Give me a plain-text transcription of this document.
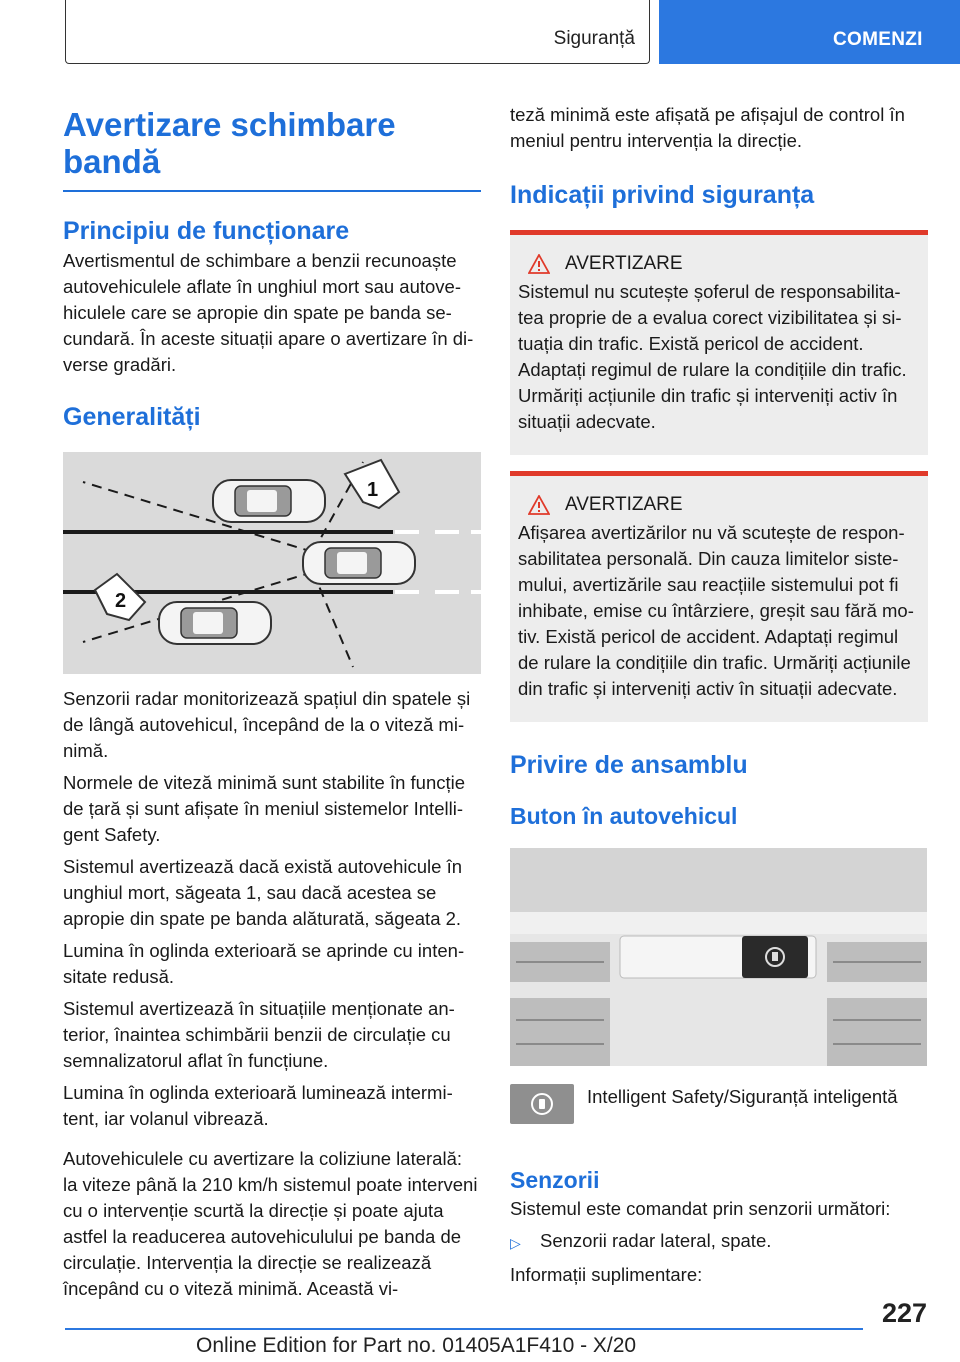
Siguranță	COMENZI
Avertizare schimbare bandă
Principiu de funcționare

Avertismentul de schimbare a benzii recunoaște autovehiculele aflate în unghiul mort sau autovehiculele care se apropie din spate pe banda secundară. În aceste situații apare o avertizare în diverse gradări.

Generalități
1
2

Senzorii radar monitorizează spațiul din spatele și de lângă autovehicul, începând de la o viteză minimă.

Normele de viteză minimă sunt stabilite în funcție de țară și sunt afișate în meniul sistemelor Intelligent Safety.

Sistemul avertizează dacă există autovehicule în unghiul mort, săgeata 1, sau dacă acestea se apropie din spate pe banda alăturată, săgeata 2.

Lumina în oglinda exterioară se aprinde cu intensitate redusă.

Sistemul avertizează în situațiile menționate anterior, înaintea schimbării benzii de circulație cu semnalizatorul aflat în funcțiune.

Lumina în oglinda exterioară luminează intermitent, iar volanul vibrează.

Autovehiculele cu avertizare la coliziune laterală: la viteze până la 210 km/h sistemul poate interveni cu o intervenție scurtă la direcție și poate ajuta astfel la readucerea autovehiculului pe banda de circulație. Intervenția la direcție se realizează începând cu o viteză minimă. Această vi-

teză minimă este afișată pe afișajul de control în meniul pentru intervenția la direcție.

Indicații privind siguranța
AVERTIZARE

Sistemul nu scutește șoferul de responsabilitatea proprie de a evalua corect vizibilitatea și situația din trafic. Există pericol de accident. Adaptați regimul de rulare la condițiile din trafic. Urmăriți acțiunile din trafic și interveniți activ în situații adecvate.

AVERTIZARE

Afișarea avertizărilor nu vă scutește de responsabilitatea personală. Din cauza limitelor sistemului, avertizările sau reacțiile sistemului pot fi inhibate, emise cu întârziere, greșit sau fără motiv. Există pericol de accident. Adaptați regimul de rulare la condițiile din trafic. Urmăriți acțiunile din trafic și interveniți activ în situații adecvate.

Privire de ansamblu
Buton în autovehicul

Intelligent Safety/Siguranță inteligentă

Senzorii

Sistemul este comandat prin senzorii următori:

▷	Senzorii radar lateral, spate.

Informații suplimentare:

227
Online Edition for Part no. 01405A1F410 - X/20
